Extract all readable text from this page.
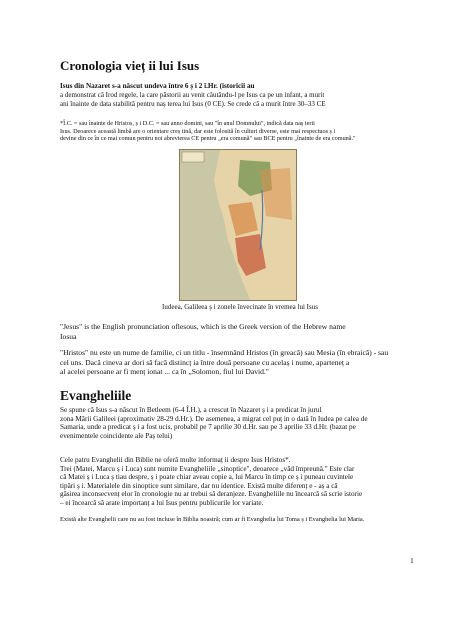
Cronologia vieț ii lui Isus

Isus din Nazaret s-a născut undeva între 6 ș i 2 î.Hr. (istoricii au

a demonstrat că Irod regele, la care păstorii au venit căutându-l pe Isus ca pe un infant, a murit
ani înainte de data stabilită pentru naș terea lui Isus (0 CE). Se crede că a murit între 30–33 CE

*Î.C. = sau înainte de Hristos, ș i D.C. = sau anno domini, sau "în anul Domnului", indică data naș terii
Isus. Deoarece această limbă are o orientare creș tină, dar este folosită în culturi diverse, este mai respectuos ș i
devine din ce în ce mai comun pentru noi abrevierea CE pentru „era comună" sau BCE pentru „înainte de era comună."

Iudeea, Galileea ș i zonele învecinate în vremea lui Isus

"Jesus" is the English pronunciation oflesous, which is the Greek version of the Hebrew name
Iosua

"Hristos" nu este un nume de familie, ci un titlu - însemnând Hristos (în greacă) sau Mesia (în ebraică) - sau
cel uns. Dacă cineva ar dori să facă distincț ia între două persoane cu acelaș i nume, aparteneț a
al acelei persoane ar fi menț ionat ... ca în „Solomon, fiul lui David."

Evangheliile

Se spune că Isus s-a născut în Betleem (6-4 Î.H.), a crescut în Nazaret ș i a predicat în jurul
zona Mării Galileei (aproximativ 28-29 d.Hr.). De asemenea, a migrat cel puț in o dată în Iudea pe calea de
Samaria, unde a predicat ș i a fost ucis, probabil pe 7 aprilie 30 d.Hr. sau pe 3 aprilie 33 d.Hr. (bazat pe
evenimentele coincidente ale Paș telui)

Cele patru Evanghelii din Biblie ne oferă multe informaț ii despre Isus Hristos*.
Trei (Matei, Marcu ș i Luca) sunt numite Evangheliile „sinoptice", deoarece „văd împreună." Este clar
că Matei ș i Luca ș tiau despre, ș i poate chiar aveau copie a, lui Marcu în timp ce ș i puneau cuvintele
tipări ș i. Materialele din sinoptice sunt similare, dar nu identice. Există multe diferenț e - aș a că
găsirea inconsecvenț elor în cronologie nu ar trebui să deranjeze. Evangheliile nu încearcă să scrie istorie
– ei încearcă să arate importanț a lui Isus pentru publicurile lor variate.

Există alte Evanghelii care nu au fost incluse în Biblia noastră; cum ar fi Evanghelia lui Toma ș i Evanghelia lui Maria.

1
